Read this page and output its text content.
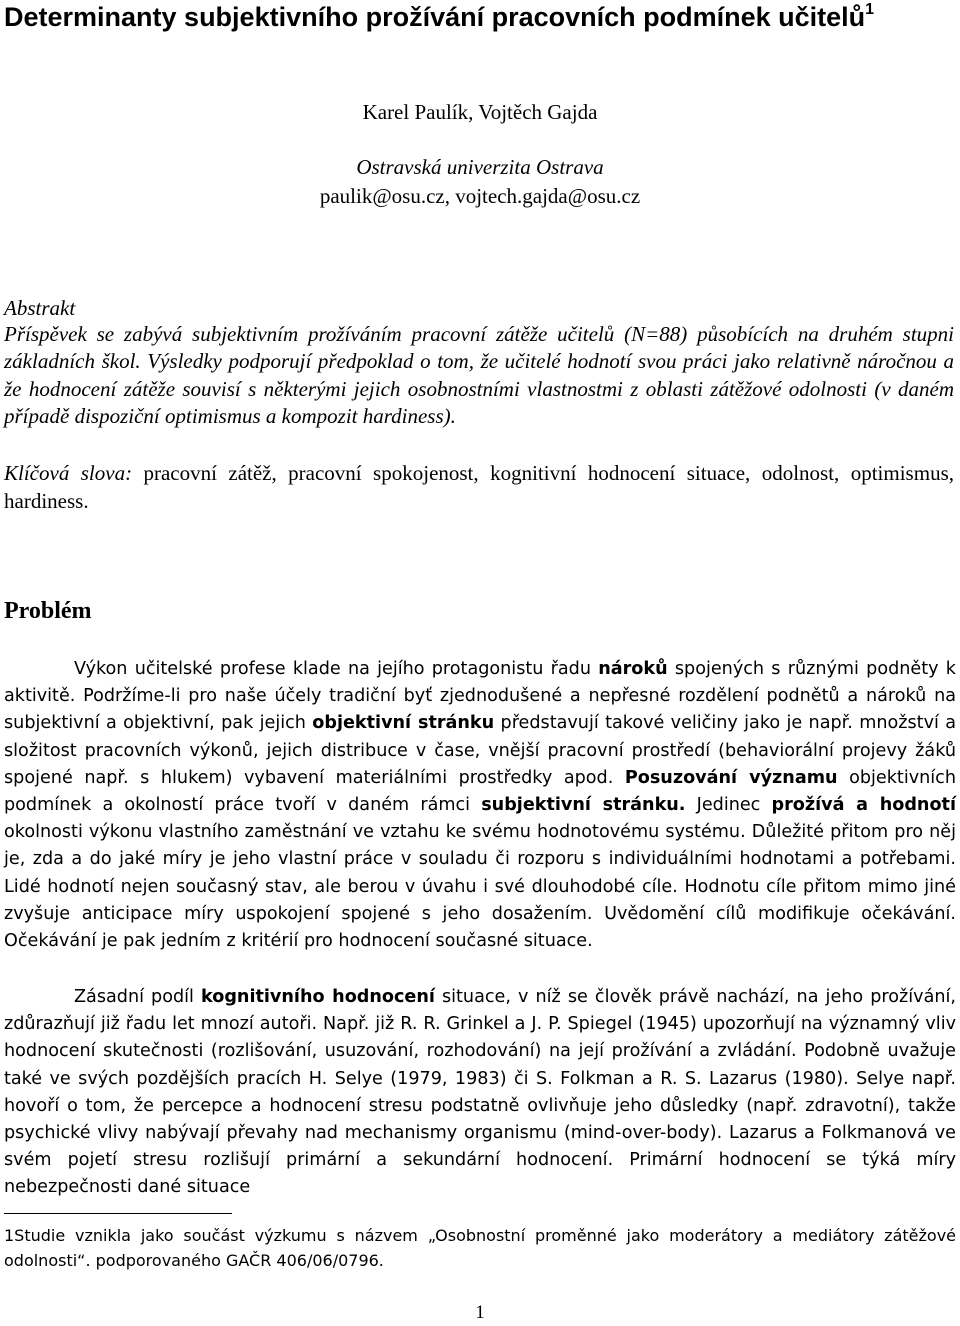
Determinanty subjektivního prožívání pracovních podmínek učitelů$^1$
Karel Paulík, Vojtěch Gajda
Ostravská univerzita Ostrava
paulik@osu.cz, vojtech.gajda@osu.cz
Abstrakt
Příspěvek se zabývá subjektivním prožíváním pracovní zátěže učitelů (N=88) působících na druhém stupni základních škol. Výsledky podporují předpoklad o tom, že učitelé hodnotí svou práci jako relativně náročnou a že hodnocení zátěže souvisí s některými jejich osobnostními vlastnostmi z oblasti zátěžové odolnosti (v daném případě dispoziční optimismus a kompozit hardiness).
Klíčová slova: pracovní zátěž, pracovní spokojenost, kognitivní hodnocení situace, odolnost, optimismus, hardiness.
Problém
Výkon učitelské profese klade na jejího protagonistu řadu nároků spojených s různými podněty k aktivitě. Podržíme-li pro naše účely tradiční byť zjednodušené a nepřesné rozdělení podnětů a nároků na subjektivní a objektivní, pak jejich objektivní stránku představují takové veličiny jako je např. množství a složitost pracovních výkonů, jejich distribuce v čase, vnější pracovní prostředí (behaviorální projevy žáků spojené např. s hlukem) vybavení materiálními prostředky apod. Posuzování významu objektivních podmínek a okolností práce tvoří v daném rámci subjektivní stránku. Jedinec prožívá a hodnotí okolnosti výkonu vlastního zaměstnání ve vztahu ke svému hodnotovému systému. Důležité přitom pro něj je, zda a do jaké míry je jeho vlastní práce v souladu či rozporu s individuálními hodnotami a potřebami. Lidé hodnotí nejen současný stav, ale berou v úvahu i své dlouhodobé cíle. Hodnotu cíle přitom mimo jiné zvyšuje anticipace míry uspokojení spojené s jeho dosažením. Uvědomění cílů modifikuje očekávání. Očekávání je pak jedním z kritérií pro hodnocení současné situace.
Zásadní podíl kognitivního hodnocení situace, v níž se člověk právě nachází, na jeho prožívání, zdůrazňují již řadu let mnozí autoři. Např. již R. R. Grinkel a J. P. Spiegel (1945) upozorňují na významný vliv hodnocení skutečnosti (rozlišování, usuzování, rozhodování) na její prožívání a zvládání. Podobně uvažuje také ve svých pozdějších pracích H. Selye (1979, 1983) či S. Folkman a R. S. Lazarus (1980). Selye např. hovoří o tom, že percepce a hodnocení stresu podstatně ovlivňuje jeho důsledky (např. zdravotní), takže psychické vlivy nabývají převahy nad mechanismy organismu (mind-over-body). Lazarus a Folkmanová ve svém pojetí stresu rozlišují primární a sekundární hodnocení. Primární hodnocení se týká míry nebezpečnosti dané situace
1Studie vznikla jako součást výzkumu s názvem „Osobnostní proměnné jako moderátory a mediátory zátěžové odolnosti“. podporovaného GAČR 406/06/0796.
1
